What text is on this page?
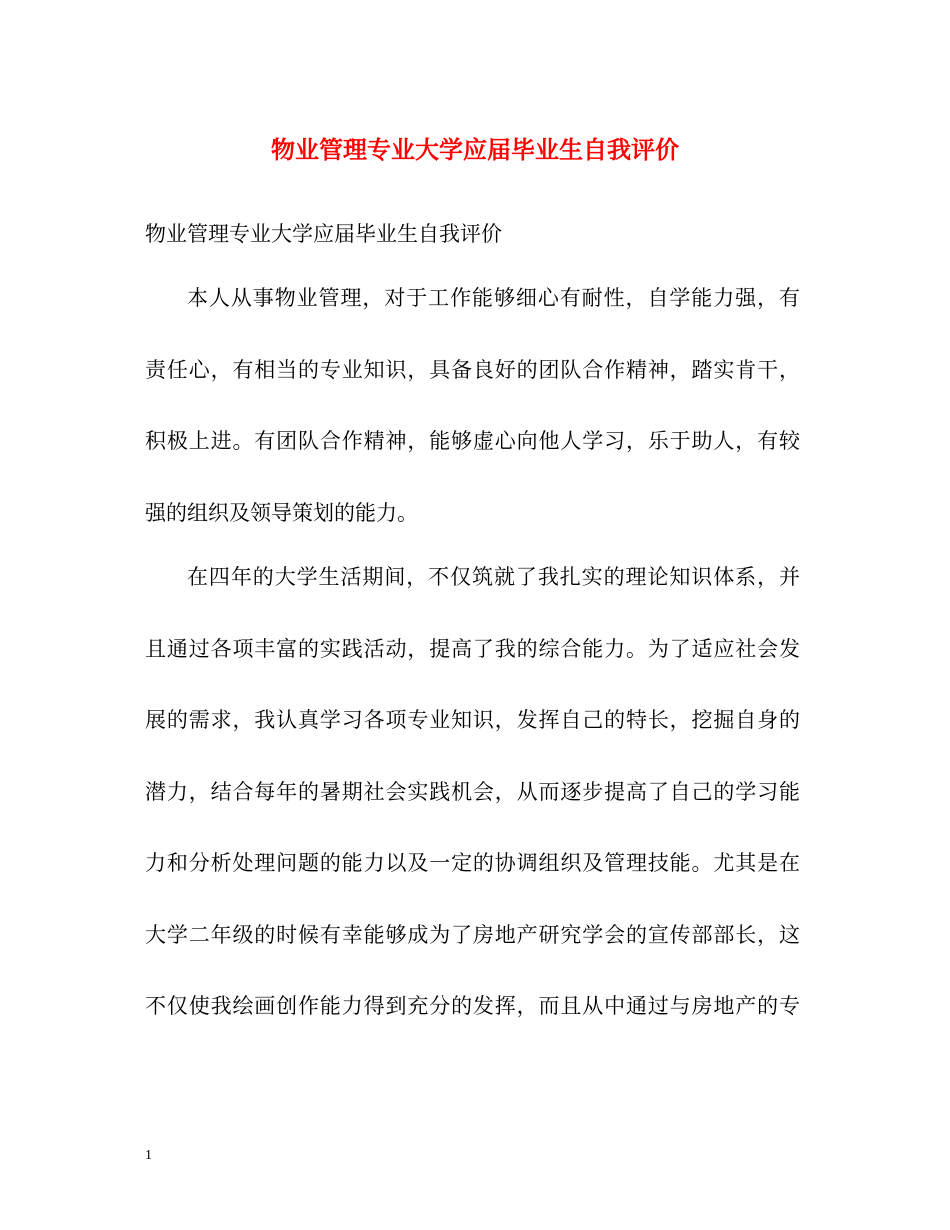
物业管理专业大学应届毕业生自我评价
物业管理专业大学应届毕业生自我评价
本人从事物业管理，对于工作能够细心有耐性，自学能力强，有
责任心，有相当的专业知识，具备良好的团队合作精神，踏实肯干，
积极上进。有团队合作精神，能够虚心向他人学习，乐于助人，有较
强的组织及领导策划的能力。
在四年的大学生活期间，不仅筑就了我扎实的理论知识体系，并
且通过各项丰富的实践活动，提高了我的综合能力。为了适应社会发
展的需求，我认真学习各项专业知识，发挥自己的特长，挖掘自身的
潜力，结合每年的暑期社会实践机会，从而逐步提高了自己的学习能
力和分析处理问题的能力以及一定的协调组织及管理技能。尤其是在
大学二年级的时候有幸能够成为了房地产研究学会的宣传部部长，这
不仅使我绘画创作能力得到充分的发挥，而且从中通过与房地产的专
1
